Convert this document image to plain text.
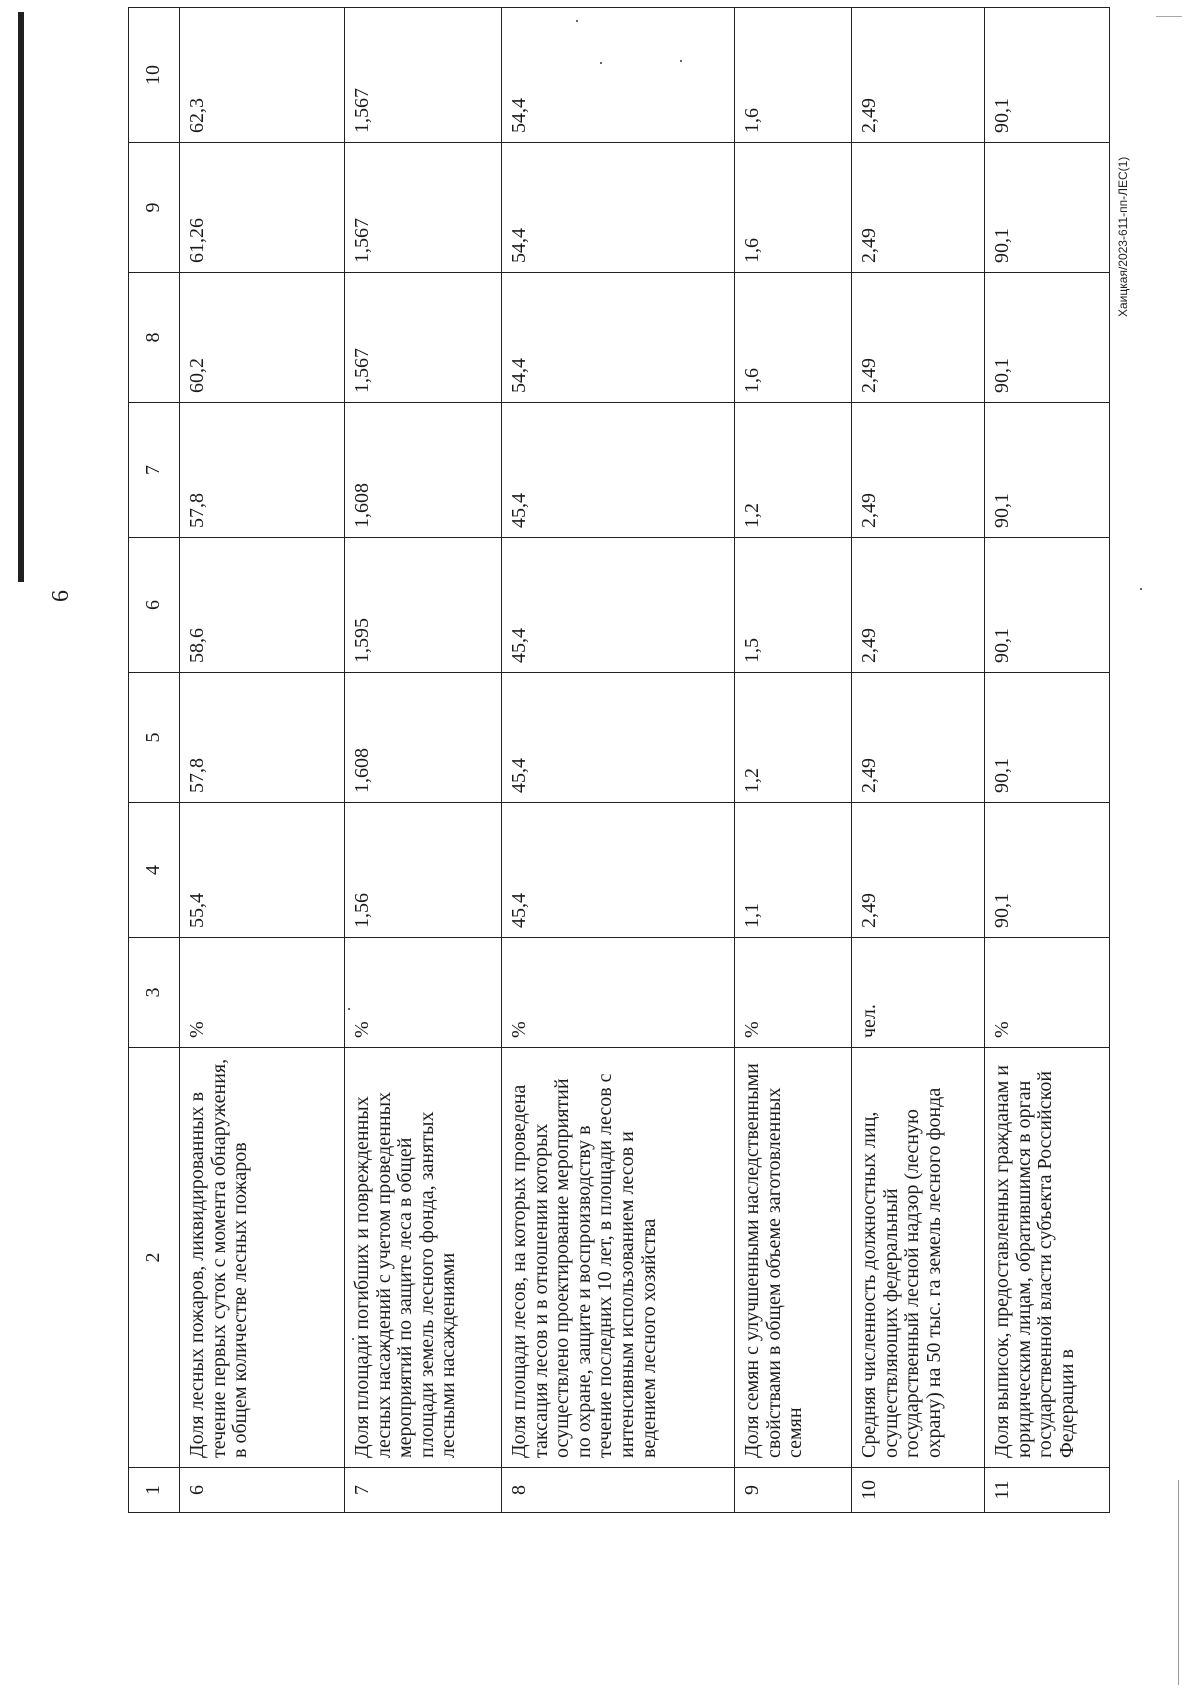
6
1	2	3	4	5	6	7	8	9	10
6	Доля лесных пожаров, ликвидированных в течение первых суток с момента обнаружения, в общем количестве лесных пожаров	%	55,4	57,8	58,6	57,8	60,2	61,26	62,3
7	Доля площади погибших и поврежденных лесных насаждений с учетом проведенных мероприятий по защите леса в общей площади земель лесного фонда, занятых лесными насаждениями	%	1,56	1,608	1,595	1,608	1,567	1,567	1,567
8	Доля площади лесов, на которых проведена таксация лесов и в отношении которых осуществлено проектирование мероприятий по охране, защите и воспроизводству в течение последних 10 лет, в площади лесов с интенсивным использованием лесов и ведением лесного хозяйства	%	45,4	45,4	45,4	45,4	54,4	54,4	54,4
9	Доля семян с улучшенными наследственными свойствами в общем объеме заготовленных семян	%	1,1	1,2	1,5	1,2	1,6	1,6	1,6
10	Средняя численность должностных лиц, осуществляющих федеральный государственный лесной надзор (лесную охрану) на 50 тыс. га земель лесного фонда	чел.	2,49	2,49	2,49	2,49	2,49	2,49	2,49
11	Доля выписок, предоставленных гражданам и юридическим лицам, обратившимся в орган государственной власти субъекта Российской Федерации в	%	90,1	90,1	90,1	90,1	90,1	90,1	90,1
Хаицкая/2023-611-пп-ЛЕС(1)
